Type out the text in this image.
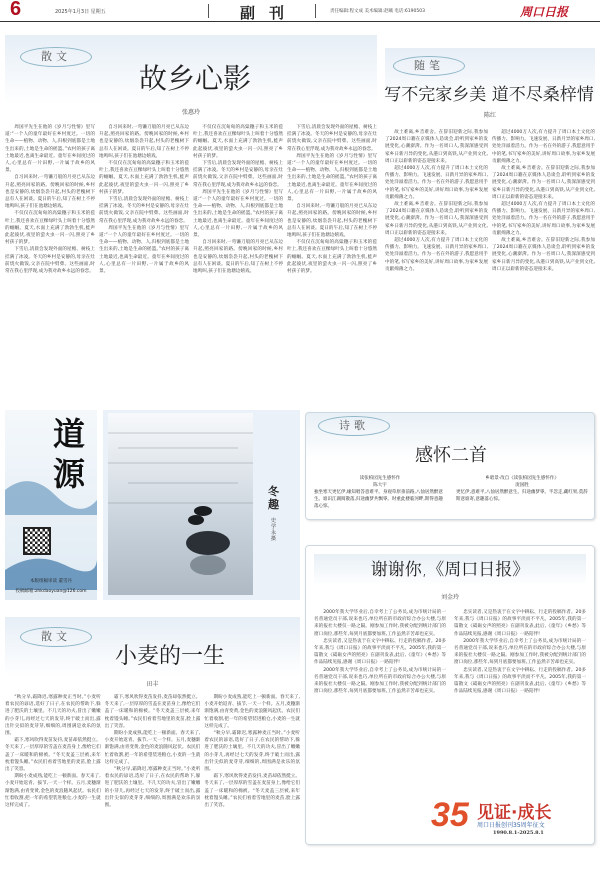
6	2025年1月3日 星期五	副刊	责任编辑:程文成 美术编辑:赵曦 电话:6190503	周口日报
散文
故乡心影
张惠玲

周国平先生在他的《岁月与性情》里写道:“一个人的童年最好在乡村度过。一切的生命——植物、动物、人,归根到底都是土地生出来的,土地是生命的摇篮。”农村的孩子离土地最近,也离生命最近。童年在乡间度过的人,心里总有一片田野,一片属于故乡的风景。

自习回来时,一弯镰刀般的月亮已从东边升起,照亮回家的路。傍晚回家的时候,乡村也是安静的,炊烟袅袅升起,村头的老槐树下总有人在闲谈。夏日的午后,知了在树上不停地鸣叫,孩子们在池塘边嬉戏。

不仅仅在沉甸甸的高粱穗子和玉米的苞叶上,我还喜欢在豆棵绿叶头上叫着十分悠然的蝈蝈。夏天,水面上充满了勃勃生机,蛙声此起彼伏,夜里的萤火虫一闪一闪,照亮了乡村孩子的梦。

下雪后,清晨会发现外面的屋檐、树枝上挂满了冰凌。冬天的乡村是安静的,母亲在灶前烧火做饭,父亲在院中劈柴。这些画面,时常在我心里浮现,成为我对故乡永远的眷恋。

自习回来时,一弯镰刀般的月亮已从东边升起,照亮回家的路。傍晚回家的时候,乡村也是安静的,炊烟袅袅升起,村头的老槐树下总有人在闲谈。夏日的午后,知了在树上不停地鸣叫,孩子们在池塘边嬉戏。

不仅仅在沉甸甸的高粱穗子和玉米的苞叶上,我还喜欢在豆棵绿叶头上叫着十分悠然的蝈蝈。夏天,水面上充满了勃勃生机,蛙声此起彼伏,夜里的萤火虫一闪一闪,照亮了乡村孩子的梦。

下雪后,清晨会发现外面的屋檐、树枝上挂满了冰凌。冬天的乡村是安静的,母亲在灶前烧火做饭,父亲在院中劈柴。这些画面,时常在我心里浮现,成为我对故乡永远的眷恋。

周国平先生在他的《岁月与性情》里写道:“一个人的童年最好在乡村度过。一切的生命——植物、动物、人,归根到底都是土地生出来的,土地是生命的摇篮。”农村的孩子离土地最近,也离生命最近。童年在乡间度过的人,心里总有一片田野,一片属于故乡的风景。

不仅仅在沉甸甸的高粱穗子和玉米的苞叶上,我还喜欢在豆棵绿叶头上叫着十分悠然的蝈蝈。夏天,水面上充满了勃勃生机,蛙声此起彼伏,夜里的萤火虫一闪一闪,照亮了乡村孩子的梦。

下雪后,清晨会发现外面的屋檐、树枝上挂满了冰凌。冬天的乡村是安静的,母亲在灶前烧火做饭,父亲在院中劈柴。这些画面,时常在我心里浮现,成为我对故乡永远的眷恋。

周国平先生在他的《岁月与性情》里写道:“一个人的童年最好在乡村度过。一切的生命——植物、动物、人,归根到底都是土地生出来的,土地是生命的摇篮。”农村的孩子离土地最近,也离生命最近。童年在乡间度过的人,心里总有一片田野,一片属于故乡的风景。

自习回来时,一弯镰刀般的月亮已从东边升起,照亮回家的路。傍晚回家的时候,乡村也是安静的,炊烟袅袅升起,村头的老槐树下总有人在闲谈。夏日的午后,知了在树上不停地鸣叫,孩子们在池塘边嬉戏。

下雪后,清晨会发现外面的屋檐、树枝上挂满了冰凌。冬天的乡村是安静的,母亲在灶前烧火做饭,父亲在院中劈柴。这些画面,时常在我心里浮现,成为我对故乡永远的眷恋。

周国平先生在他的《岁月与性情》里写道:“一个人的童年最好在乡村度过。一切的生命——植物、动物、人,归根到底都是土地生出来的,土地是生命的摇篮。”农村的孩子离土地最近,也离生命最近。童年在乡间度过的人,心里总有一片田野,一片属于故乡的风景。

自习回来时,一弯镰刀般的月亮已从东边升起,照亮回家的路。傍晚回家的时候,乡村也是安静的,炊烟袅袅升起,村头的老槐树下总有人在闲谈。夏日的午后,知了在树上不停地鸣叫,孩子们在池塘边嬉戏。

不仅仅在沉甸甸的高粱穗子和玉米的苞叶上,我还喜欢在豆棵绿叶头上叫着十分悠然的蝈蝈。夏天,水面上充满了勃勃生机,蛙声此起彼伏,夜里的萤火虫一闪一闪,照亮了乡村孩子的梦。

随笔
写不完家乡美 道不尽桑梓情
陈红

故土难离,乡音难舍。在辞旧迎新之际,我参加了2024周口籍在京媒体人恳谈会,聆听到家乡的发展变化,心潮澎湃。作为一名周口人,我深深感受到家乡日新月异的变化,从港口到高铁,从产业到文化,周口正以崭新的姿态迎接未来。

超过4000万人次,有力提升了周口本土文化的传播力、影响力。飞速发展、日新月异的家乡周口,处处洋溢着活力。作为一名在外的游子,我愿意用手中的笔,书写家乡的美好,讲好周口故事,为家乡发展贡献绵薄之力。

故土难离,乡音难舍。在辞旧迎新之际,我参加了2024周口籍在京媒体人恳谈会,聆听到家乡的发展变化,心潮澎湃。作为一名周口人,我深深感受到家乡日新月异的变化,从港口到高铁,从产业到文化,周口正以崭新的姿态迎接未来。

超过4000万人次,有力提升了周口本土文化的传播力、影响力。飞速发展、日新月异的家乡周口,处处洋溢着活力。作为一名在外的游子,我愿意用手中的笔,书写家乡的美好,讲好周口故事,为家乡发展贡献绵薄之力。

超过4000万人次,有力提升了周口本土文化的传播力、影响力。飞速发展、日新月异的家乡周口,处处洋溢着活力。作为一名在外的游子,我愿意用手中的笔,书写家乡的美好,讲好周口故事,为家乡发展贡献绵薄之力。

故土难离,乡音难舍。在辞旧迎新之际,我参加了2024周口籍在京媒体人恳谈会,聆听到家乡的发展变化,心潮澎湃。作为一名周口人,我深深感受到家乡日新月异的变化,从港口到高铁,从产业到文化,周口正以崭新的姿态迎接未来。

超过4000万人次,有力提升了周口本土文化的传播力、影响力。飞速发展、日新月异的家乡周口,处处洋溢着活力。作为一名在外的游子,我愿意用手中的笔,书写家乡的美好,讲好周口故事,为家乡发展贡献绵薄之力。

故土难离,乡音难舍。在辞旧迎新之际,我参加了2024周口籍在京媒体人恳谈会,聆听到家乡的发展变化,心潮澎湃。作为一名周口人,我深深感受到家乡日新月异的变化,从港口到高铁,从产业到文化,周口正以崭新的姿态迎接未来。

道源
本版组稿审读 董雪丹
投稿邮箱:zhkdaoyuan@126.com
冬趣
史学永摄
诗歌
感怀二首
读张柏园先生感怀作
陈大宇
独坐寒天更忆伊,缘知唱答意难平。身观草原垂前路,八仙居然醉意生。谁识江湖阅散落,归途幽梦共飘零。时重此楼临河畔,斯得意趣落心惊。
乡暗景·改自《读张柏园先生感怀作》
庞国胜
更忆伊,意难平,八仙居然醉意生。归途幽梦零。半忽走,藏红果,莫辞斯意谁寄,意趣落心惊。
谢谢你,《周口日报》
刘金玲

2000年我大学毕业后,自幸考上了公务员,成为市统计局的一名普通党员干部,说来也巧,单位所在的市政府综合办公大楼,与原来的报社大楼仅一路之隔。刚参加工作时,我被分配到统计部门的窗口岗位,那些年,每到月底都要加班,工作虽然辛苦却也充实。

忠实读者,又是热衷于在文字中耕耘、行走的投稿作者。20多年来,我与《周口日报》的故事平淡而不平凡。2005年,我的第一篇散文《砥砺女声的照亮》在副刊发表,此后,《童年》《乡愁》等作品陆续见报,感谢《周口日报》一路陪伴!

2000年我大学毕业后,自幸考上了公务员,成为市统计局的一名普通党员干部,说来也巧,单位所在的市政府综合办公大楼,与原来的报社大楼仅一路之隔。刚参加工作时,我被分配到统计部门的窗口岗位,那些年,每到月底都要加班,工作虽然辛苦却也充实。

忠实读者,又是热衷于在文字中耕耘、行走的投稿作者。20多年来,我与《周口日报》的故事平淡而不平凡。2005年,我的第一篇散文《砥砺女声的照亮》在副刊发表,此后,《童年》《乡愁》等作品陆续见报,感谢《周口日报》一路陪伴!

2000年我大学毕业后,自幸考上了公务员,成为市统计局的一名普通党员干部,说来也巧,单位所在的市政府综合办公大楼,与原来的报社大楼仅一路之隔。刚参加工作时,我被分配到统计部门的窗口岗位,那些年,每到月底都要加班,工作虽然辛苦却也充实。

忠实读者,又是热衷于在文字中耕耘、行走的投稿作者。20多年来,我与《周口日报》的故事平淡而不平凡。2005年,我的第一篇散文《砥砺女声的照亮》在副刊发表,此后,《童年》《乡愁》等作品陆续见报,感谢《周口日报》一路陪伴!

35 见证·成长
周口日报创刊35周年征文
1990.8.1-2025.8.1
散文
小麦的一生
田丰

“秋分早,霜降迟,寒露种麦正当时。”小麦听着农民的谚语,选好了日子,在农民的帮助下,躲进了肥沃的土壤里。不几天的功夫,冒出了嫩嫩的小芽儿,再经过七天的发芽,终于破土而出,露出针尖似的麦芽芽,细细的,周围满是欢乐的氛围。

霜下,寒风吹得麦苗发抖,麦苗却依然挺立。冬天来了,一层厚厚的雪盖在麦苗身上,像给它们盖了一床暖和的棉被。“冬天麦盖三层被,来年枕着馒头睡。”农民们看着雪地里的麦苗,脸上露出了笑容。

期盼小麦成熟,能吃上一顿新面。春天来了,小麦开始返青、拔节,一天一个样。五月,麦穗渐渐饱满,由青变黄,金色的麦浪随风起伏。农民们忙着收割,把一年的希望装进粮仓,小麦的一生就这样完成了。

霜下,寒风吹得麦苗发抖,麦苗却依然挺立。冬天来了,一层厚厚的雪盖在麦苗身上,像给它们盖了一床暖和的棉被。“冬天麦盖三层被,来年枕着馒头睡。”农民们看着雪地里的麦苗,脸上露出了笑容。

期盼小麦成熟,能吃上一顿新面。春天来了,小麦开始返青、拔节,一天一个样。五月,麦穗渐渐饱满,由青变黄,金色的麦浪随风起伏。农民们忙着收割,把一年的希望装进粮仓,小麦的一生就这样完成了。

“秋分早,霜降迟,寒露种麦正当时。”小麦听着农民的谚语,选好了日子,在农民的帮助下,躲进了肥沃的土壤里。不几天的功夫,冒出了嫩嫩的小芽儿,再经过七天的发芽,终于破土而出,露出针尖似的麦芽芽,细细的,周围满是欢乐的氛围。

期盼小麦成熟,能吃上一顿新面。春天来了,小麦开始返青、拔节,一天一个样。五月,麦穗渐渐饱满,由青变黄,金色的麦浪随风起伏。农民们忙着收割,把一年的希望装进粮仓,小麦的一生就这样完成了。

“秋分早,霜降迟,寒露种麦正当时。”小麦听着农民的谚语,选好了日子,在农民的帮助下,躲进了肥沃的土壤里。不几天的功夫,冒出了嫩嫩的小芽儿,再经过七天的发芽,终于破土而出,露出针尖似的麦芽芽,细细的,周围满是欢乐的氛围。

霜下,寒风吹得麦苗发抖,麦苗却依然挺立。冬天来了,一层厚厚的雪盖在麦苗身上,像给它们盖了一床暖和的棉被。“冬天麦盖三层被,来年枕着馒头睡。”农民们看着雪地里的麦苗,脸上露出了笑容。
